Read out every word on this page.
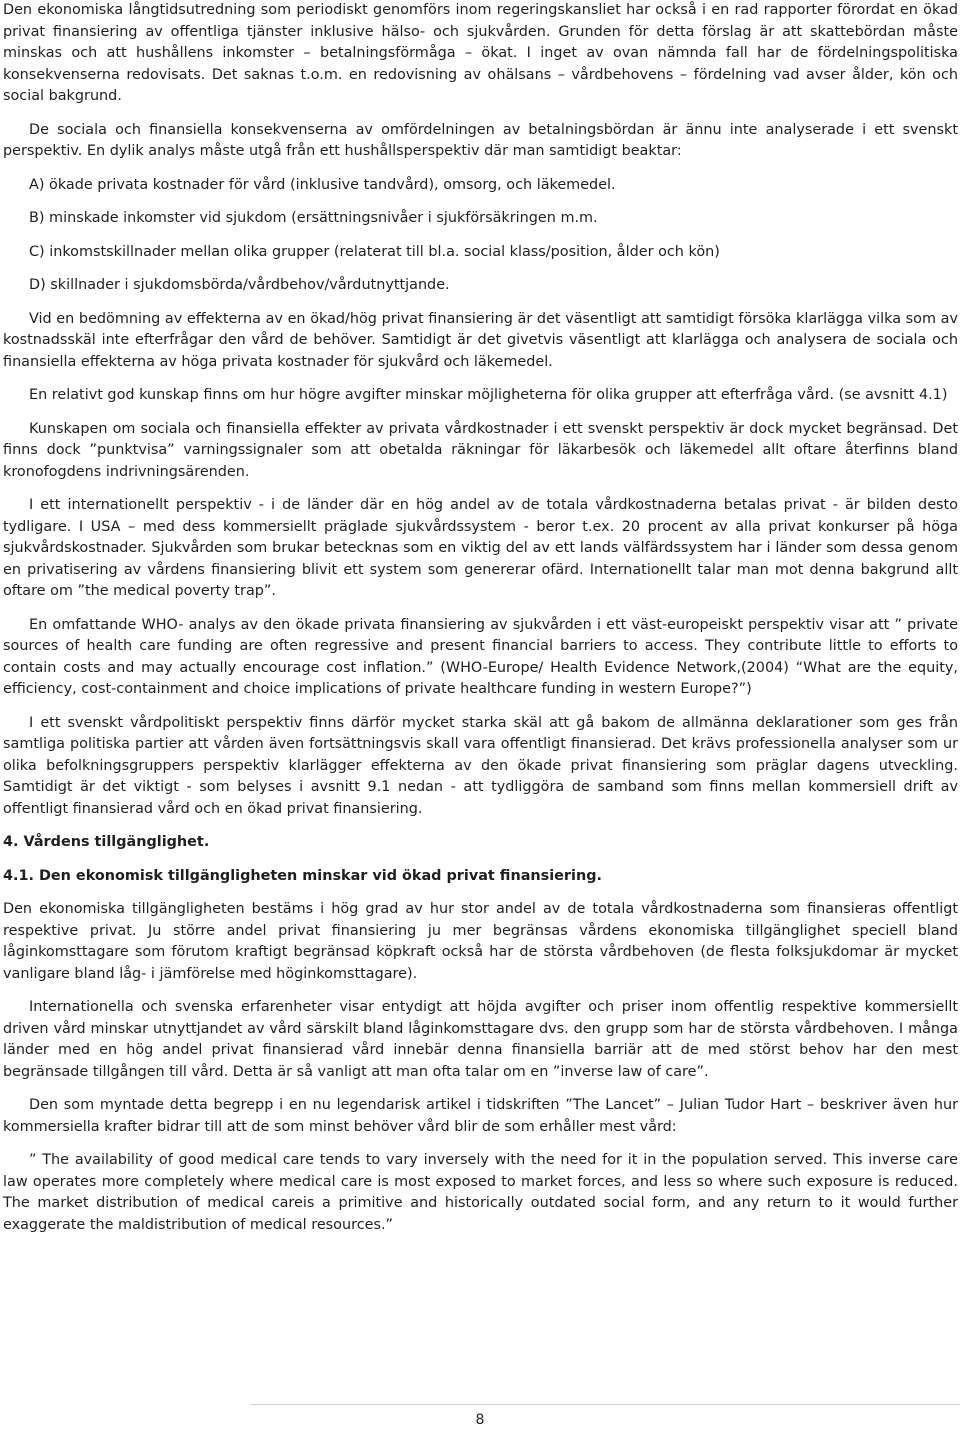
Den ekonomiska långtidsutredning som periodiskt genomförs inom regeringskansliet har också i en rad rapporter förordat en ökad privat finansiering av offentliga tjänster inklusive hälso- och sjukvården. Grunden för detta förslag är att skattebördan måste minskas och att hushållens inkomster – betalningsförmåga – ökat. I inget av ovan nämnda fall har de fördelningspolitiska konsekvenserna redovisats. Det saknas t.o.m. en redovisning av ohälsans – vårdbehovens – fördelning vad avser ålder, kön och social bakgrund.

De sociala och finansiella konsekvenserna av omfördelningen av betalningsbördan är ännu inte analyserade i ett svenskt perspektiv. En dylik analys måste utgå från ett hushållsperspektiv där man samtidigt beaktar:

A) ökade privata kostnader för vård (inklusive tandvård), omsorg, och läkemedel.

B) minskade inkomster vid sjukdom (ersättningsnivåer i sjukförsäkringen m.m.

C) inkomstskillnader mellan olika grupper (relaterat till bl.a. social klass/position, ålder och kön)

D) skillnader i sjukdomsbörda/vårdbehov/vårdutnyttjande.

Vid en bedömning av effekterna av en ökad/hög privat finansiering är det väsentligt att samtidigt försöka klarlägga vilka som av kostnadsskäl inte efterfrågar den vård de behöver. Samtidigt är det givetvis väsentligt att klarlägga och analysera de sociala och finansiella effekterna av höga privata kostnader för sjukvård och läkemedel.

En relativt god kunskap finns om hur högre avgifter minskar möjligheterna för olika grupper att efterfråga vård. (se avsnitt 4.1)

Kunskapen om sociala och finansiella effekter av privata vårdkostnader i ett svenskt perspektiv är dock mycket begränsad. Det finns dock ”punktvisa” varningssignaler som att obetalda räkningar för läkarbesök och läkemedel allt oftare återfinns bland kronofogdens indrivningsärenden.

I ett internationellt perspektiv - i de länder där en hög andel av de totala vårdkostnaderna betalas privat - är bilden desto tydligare. I USA – med dess kommersiellt präglade sjukvårdssystem - beror t.ex. 20 procent av alla privat konkurser på höga sjukvårdskostnader. Sjukvården som brukar betecknas som en viktig del av ett lands välfärdssystem har i länder som dessa genom en privatisering av vårdens finansiering blivit ett system som genererar ofärd. Internationellt talar man mot denna bakgrund allt oftare om ”the medical poverty trap”.

En omfattande WHO- analys av den ökade privata finansiering av sjukvården i ett väst-europeiskt perspektiv visar att ” private sources of health care funding are often regressive and present financial barriers to access. They contribute little to efforts to contain costs and may actually encourage cost inflation.” (WHO-Europe/ Health Evidence Network,(2004) “What are the equity, efficiency, cost-containment and choice implications of private healthcare funding in western Europe?”)

I ett svenskt vårdpolitiskt perspektiv finns därför mycket starka skäl att gå bakom de allmänna deklarationer som ges från samtliga politiska partier att vården även fortsättningsvis skall vara offentligt finansierad. Det krävs professionella analyser som ur olika befolkningsgruppers perspektiv klarlägger effekterna av den ökade privat finansiering som präglar dagens utveckling. Samtidigt är det viktigt - som belyses i avsnitt 9.1 nedan - att tydliggöra de samband som finns mellan kommersiell drift av offentligt finansierad vård och en ökad privat finansiering.

4. Vårdens tillgänglighet.

4.1. Den ekonomisk tillgängligheten minskar vid ökad privat finansiering.

Den ekonomiska tillgängligheten bestäms i hög grad av hur stor andel av de totala vårdkostnaderna som finansieras offentligt respektive privat. Ju större andel privat finansiering ju mer begränsas vårdens ekonomiska tillgänglighet speciell bland låginkomsttagare som förutom kraftigt begränsad köpkraft också har de största vårdbehoven (de flesta folksjukdomar är mycket vanligare bland låg- i jämförelse med höginkomsttagare).

Internationella och svenska erfarenheter visar entydigt att höjda avgifter och priser inom offentlig respektive kommersiellt driven vård minskar utnyttjandet av vård särskilt bland låginkomsttagare dvs. den grupp som har de största vårdbehoven. I många länder med en hög andel privat finansierad vård innebär denna finansiella barriär att de med störst behov har den mest begränsade tillgången till vård. Detta är så vanligt att man ofta talar om en ”inverse law of care”.

Den som myntade detta begrepp i en nu legendarisk artikel i tidskriften ”The Lancet” – Julian Tudor Hart – beskriver även hur kommersiella krafter bidrar till att de som minst behöver vård blir de som erhåller mest vård:

” The availability of good medical care tends to vary inversely with the need for it in the population served. This inverse care law operates more completely where medical care is most exposed to market forces, and less so where such exposure is reduced. The market distribution of medical careis a primitive and historically outdated social form, and any return to it would further exaggerate the maldistribution of medical resources.”

8
